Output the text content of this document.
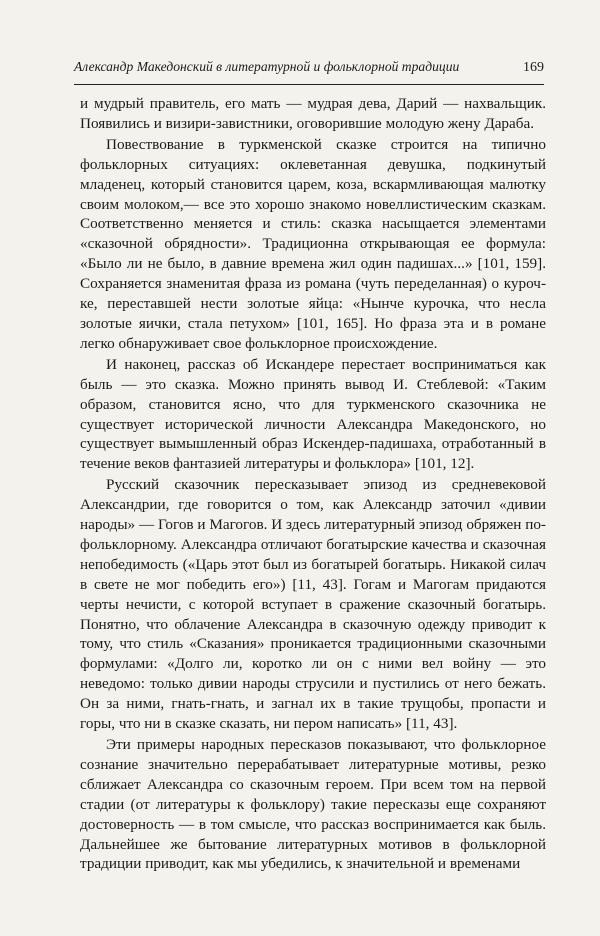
Александр Македонский в литературной и фольклорной традиции	169

и мудрый правитель, его мать — мудрая дева, Дарий — нахвальщик. Появились и визири-завистники, оговорившие молодую жену Дараба.

Повествование в туркменской сказке строится на типично фольклорных ситуациях: оклеветанная девушка, подкинутый младенец, который становится царем, коза, вскармливающая малютку своим молоком,— все это хорошо знакомо новеллистическим сказкам. Соответственно меняется и стиль: сказка насыщается элементами «сказочной обрядности». Традиционна открывающая ее формула: «Было ли не было, в давние времена жил один падишах...» [101, 159]. Сохраняется знаменитая фраза из романа (чуть переделанная) о курочке, переставшей нести золотые яйца: «Нынче курочка, что несла золотые яички, стала петухом» [101, 165]. Но фраза эта и в романе легко обнаруживает свое фольклорное происхождение.

И наконец, рассказ об Искандере перестает восприниматься как быль — это сказка. Можно принять вывод И. Стеблевой: «Таким образом, становится ясно, что для туркменского сказочника не существует исторической личности Александра Македонского, но существует вымышленный образ Искендер-падишаха, отработанный в течение веков фантазией литературы и фольклора» [101, 12].

Русский сказочник пересказывает эпизод из средневековой Александрии, где говорится о том, как Александр заточил «дивии народы» — Гогов и Магогов. И здесь литературный эпизод обряжен по-фольклорному. Александра отличают богатырские качества и сказочная непобедимость («Царь этот был из богатырей богатырь. Никакой силач в свете не мог победить его») [11, 43]. Гогам и Магогам придаются черты нечисти, с которой вступает в сражение сказочный богатырь. Понятно, что облачение Александра в сказочную одежду приводит к тому, что стиль «Сказания» проникается традиционными сказочными формулами: «Долго ли, коротко ли он с ними вел войну — это неведомо: только дивии народы струсили и пустились от него бежать. Он за ними, гнать-гнать, и загнал их в такие трущобы, пропасти и горы, что ни в сказке сказать, ни пером написать» [11, 43].

Эти примеры народных пересказов показывают, что фольклорное сознание значительно перерабатывает литературные мотивы, резко сближает Александра со сказочным героем. При всем том на первой стадии (от литературы к фольклору) такие пересказы еще сохраняют достоверность — в том смысле, что рассказ воспринимается как быль. Дальнейшее же бытование литературных мотивов в фольклорной традиции приводит, как мы убедились, к значительной и временами
